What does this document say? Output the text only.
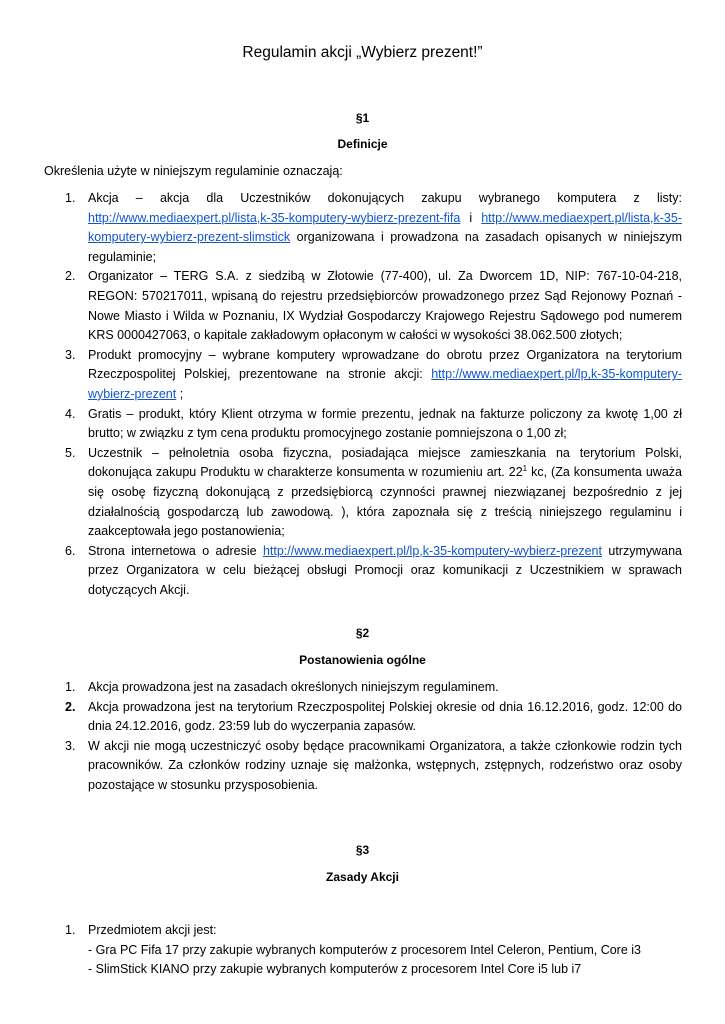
Regulamin akcji „Wybierz prezent!”
§1
Definicje
Określenia użyte w niniejszym regulaminie oznaczają:
1.	Akcja – akcja dla Uczestników dokonujących zakupu wybranego komputera z listy: http://www.mediaexpert.pl/lista,k-35-komputery-wybierz-prezent-fifa i http://www.mediaexpert.pl/lista,k-35-komputery-wybierz-prezent-slimstick organizowana i prowadzona na zasadach opisanych w niniejszym regulaminie;
2.	Organizator – TERG S.A. z siedzibą w Złotowie (77-400), ul. Za Dworcem 1D, NIP: 767-10-04-218, REGON: 570217011, wpisaną do rejestru przedsiębiorców prowadzonego przez Sąd Rejonowy Poznań - Nowe Miasto i Wilda w Poznaniu, IX Wydział Gospodarczy Krajowego Rejestru Sądowego pod numerem KRS 0000427063, o kapitale zakładowym opłaconym w całości w wysokości 38.062.500 złotych;
3.	Produkt promocyjny – wybrane komputery wprowadzane do obrotu przez Organizatora na terytorium Rzeczpospolitej Polskiej, prezentowane na stronie akcji: http://www.mediaexpert.pl/lp,k-35-komputery-wybierz-prezent ;
4.	Gratis – produkt, który Klient otrzyma w formie prezentu, jednak na fakturze policzony za kwotę 1,00 zł brutto; w związku z tym cena produktu promocyjnego zostanie pomniejszona o 1,00 zł;
5.	Uczestnik – pełnoletnia osoba fizyczna, posiadająca miejsce zamieszkania na terytorium Polski, dokonująca zakupu Produktu w charakterze konsumenta w rozumieniu art. $22^1$ kc, (Za konsumenta uważa się osobę fizyczną dokonującą z przedsiębiorcą czynności prawnej niezwiązanej bezpośrednio z jej działalnością gospodarczą lub zawodową. ), która zapoznała się z treścią niniejszego regulaminu i zaakceptowała jego postanowienia;
6.	Strona internetowa o adresie http://www.mediaexpert.pl/lp,k-35-komputery-wybierz-prezent utrzymywana przez Organizatora w celu bieżącej obsługi Promocji oraz komunikacji z Uczestnikiem w sprawach dotyczących Akcji.
§2
Postanowienia ogólne
1.	Akcja prowadzona jest na zasadach określonych niniejszym regulaminem.
2.	Akcja prowadzona jest na terytorium Rzeczpospolitej Polskiej okresie od dnia 16.12.2016, godz. 12:00 do dnia 24.12.2016, godz. 23:59 lub do wyczerpania zapasów.
3.	W akcji nie mogą uczestniczyć osoby będące pracownikami Organizatora, a także członkowie rodzin tych pracowników. Za członków rodziny uznaje się małżonka, wstępnych, zstępnych, rodzeństwo oraz osoby pozostające w stosunku przysposobienia.
§3
Zasady Akcji
1.	Przedmiotem akcji jest:
- Gra PC Fifa 17 przy zakupie wybranych komputerów z procesorem Intel Celeron, Pentium, Core i3
- SlimStick KIANO przy zakupie wybranych komputerów z procesorem Intel Core i5 lub i7
